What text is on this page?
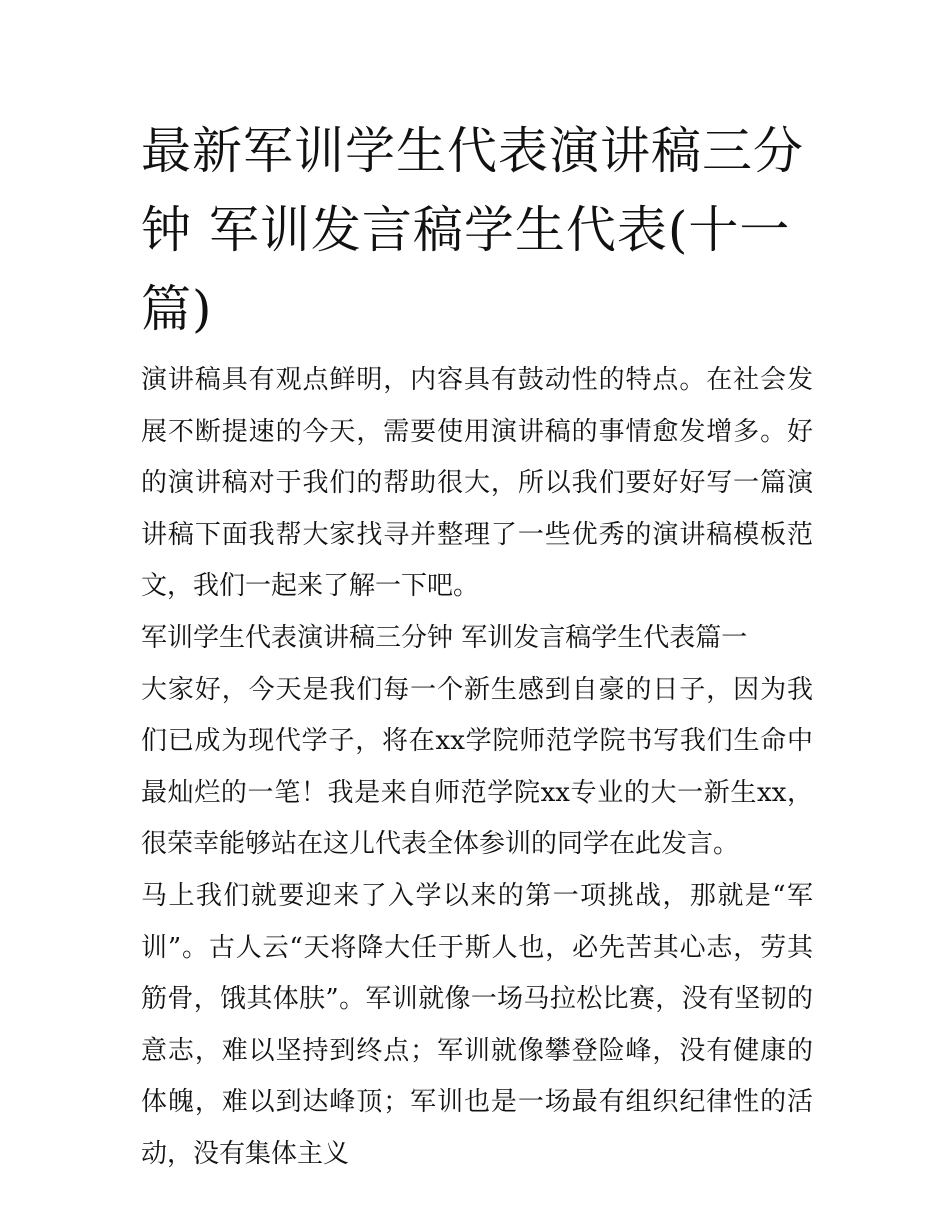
最新军训学生代表演讲稿三分钟 军训发言稿学生代表(十一篇)

演讲稿具有观点鲜明，内容具有鼓动性的特点。在社会发展不断提速的今天，需要使用演讲稿的事情愈发增多。好的演讲稿对于我们的帮助很大，所以我们要好好写一篇演讲稿下面我帮大家找寻并整理了一些优秀的演讲稿模板范文，我们一起来了解一下吧。

军训学生代表演讲稿三分钟 军训发言稿学生代表篇一

大家好，今天是我们每一个新生感到自豪的日子，因为我们已成为现代学子，将在xx学院师范学院书写我们生命中最灿烂的一笔！我是来自师范学院xx专业的大一新生xx，很荣幸能够站在这儿代表全体参训的同学在此发言。

马上我们就要迎来了入学以来的第一项挑战，那就是“军训”。古人云“天将降大任于斯人也，必先苦其心志，劳其筋骨，饿其体肤”。军训就像一场马拉松比赛，没有坚韧的意志，难以坚持到终点；军训就像攀登险峰，没有健康的体魄，难以到达峰顶；军训也是一场最有组织纪律性的活动，没有集体主义
